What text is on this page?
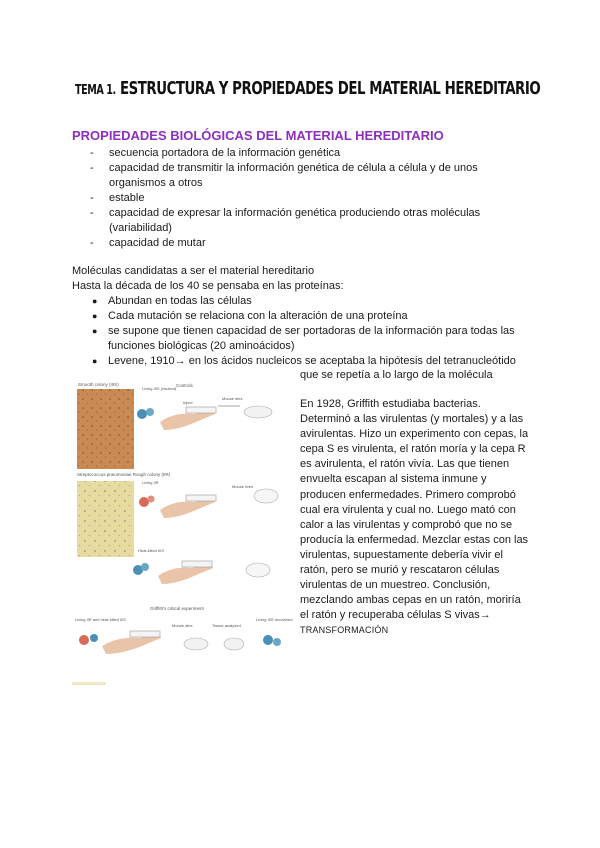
TEMA 1. ESTRUCTURA Y PROPIEDADES DEL MATERIAL HEREDITARIO
PROPIEDADES BIOLÓGICAS DEL MATERIAL HEREDITARIO
- secuencia portadora de la información genética
- capacidad de transmitir la información genética de célula a célula y de unos organismos a otros
- estable
- capacidad de expresar la información genética produciendo otras moléculas (variabilidad)
- capacidad de mutar
Moléculas candidatas a ser el material hereditario
Hasta la década de los 40 se pensaba en las proteínas:
● Abundan en todas las células
● Cada mutación se relaciona con la alteración de una proteína
● se supone que tienen capacidad de ser portadoras de la información para todas las funciones biológicas (20 aminoácidos)
● Levene, 1910→ en los ácidos nucleicos se aceptaba la hipótesis del tetranucleótido
que se repetía a lo largo de la molécula
Smooth colony (IIIS)	Controls
Living IIIS (virulent)
Inject
Mouse dies
Streptococcus pneumoniae Rough colony (IIR)
Living IIR
Mouse lives
Heat-killed IIIS
Griffith's critical experiment
Living IIR and heat-killed IIIS
Mouse dies	Tissue analyzed
Living IIIS recovered
En 1928, Griffith estudiaba bacterias. Determinó a las virulentas (y mortales) y a las avirulentas. Hizo un experimento con cepas, la cepa S es virulenta, el ratón moría y la cepa R es avirulenta, el ratón vivía. Las que tienen envuelta escapan al sistema inmune y producen enfermedades. Primero comprobó cual era virulenta y cual no. Luego mató con calor a las virulentas y comprobó que no se producía la enfermedad. Mezclar estas con las virulentas, supuestamente debería vivir el ratón, pero se murió y rescataron células virulentas de un muestreo. Conclusión, mezclando ambas cepas en un ratón, moriría el ratón y recuperaba células S vivas→
TRANSFORMACIÓN
